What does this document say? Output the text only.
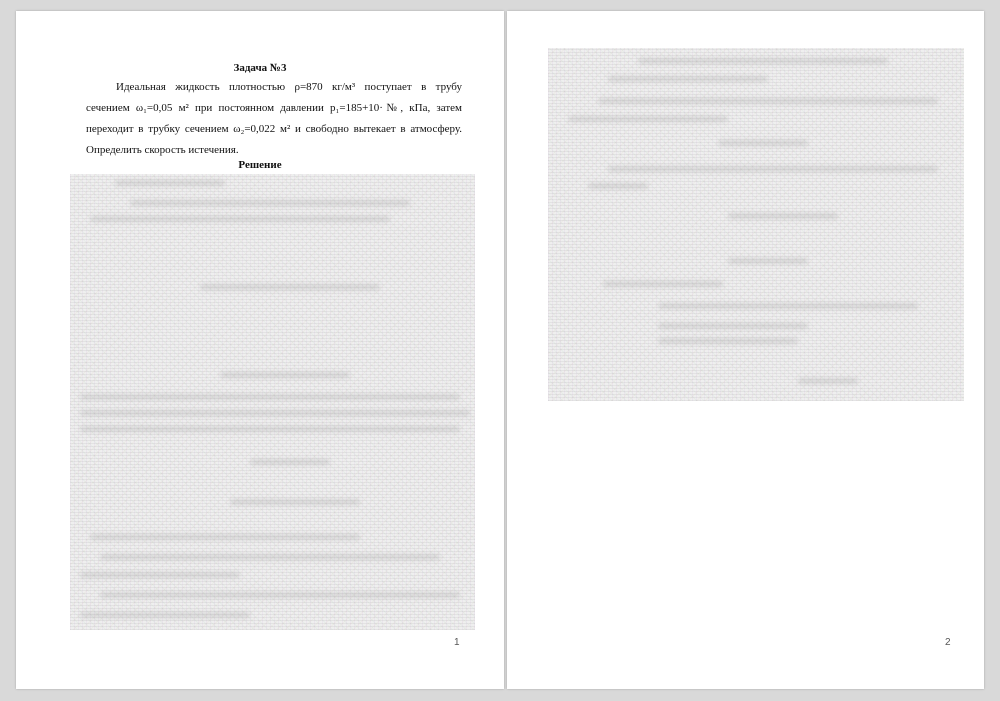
Задача №3

Идеальная жидкость плотностью ρ=870 кг/м³ поступает в трубу сечением ω₁=0,05 м² при постоянном давлении p₁=185+10·№, кПа, затем переходит в трубку сечением ω₂=0,022 м² и свободно вытекает в атмосферу. Определить скорость истечения.

Решение
1	2
